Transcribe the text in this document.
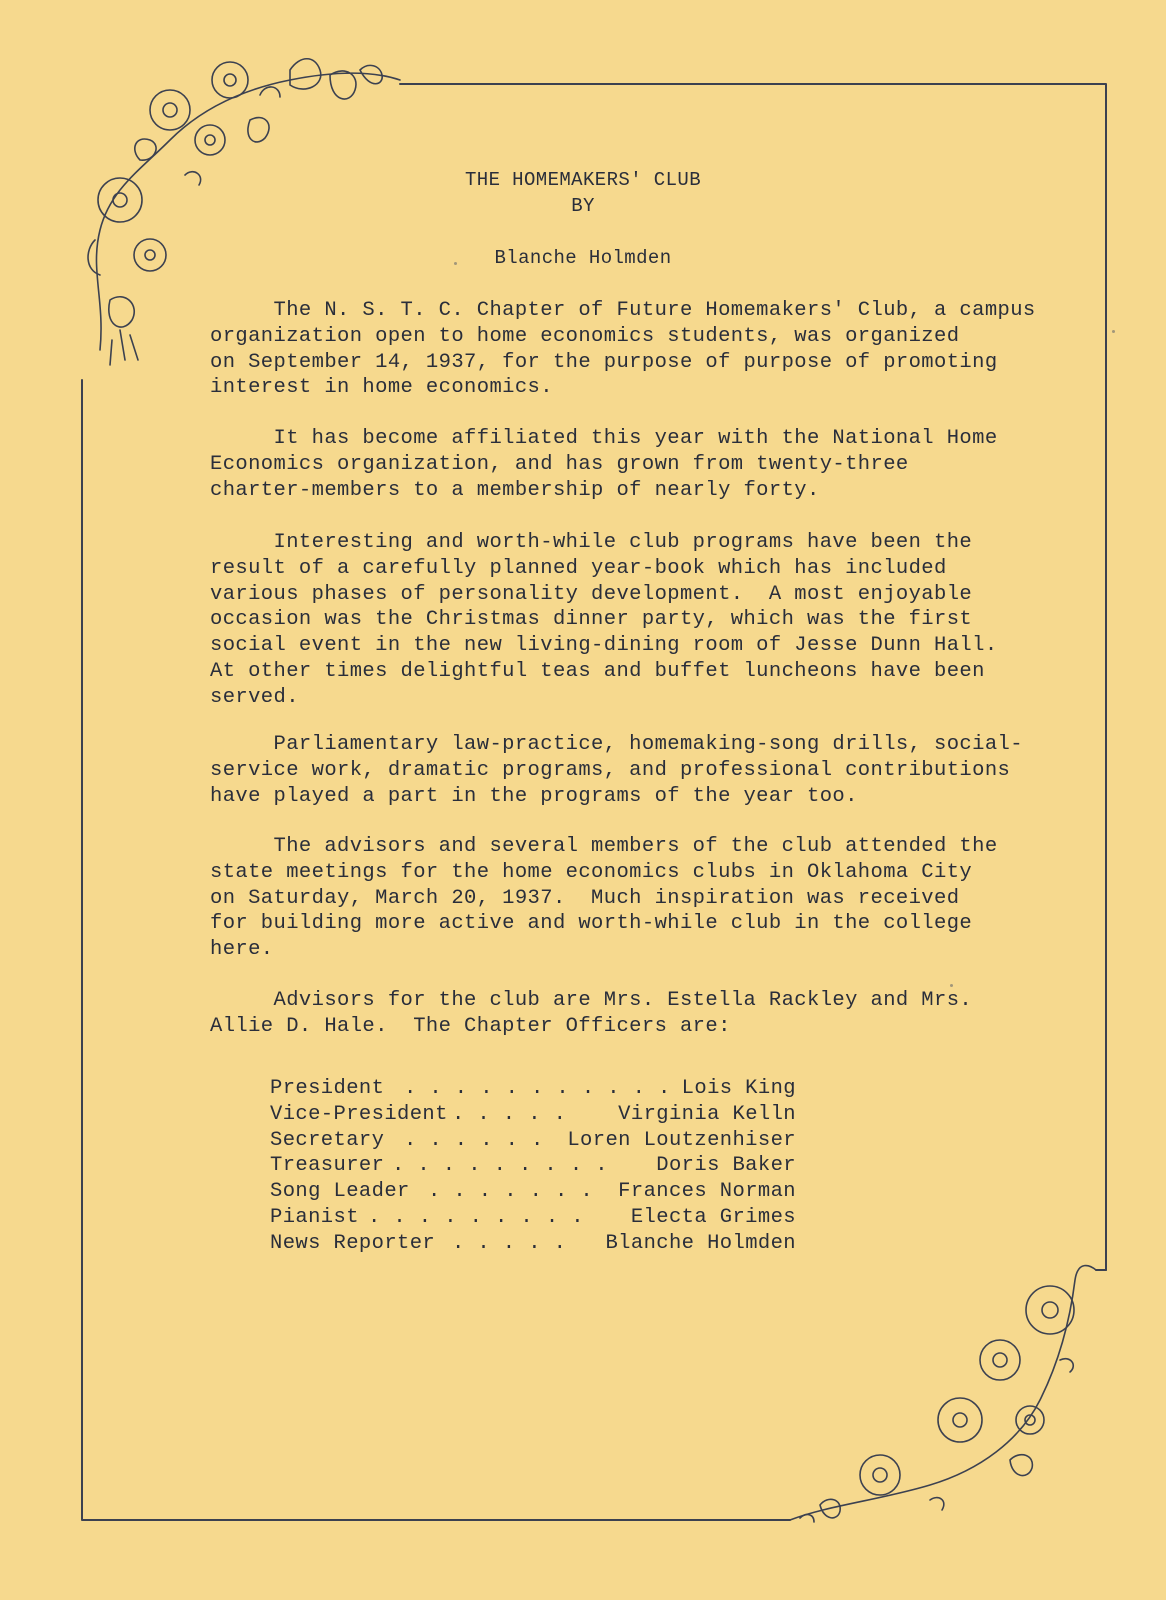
THE HOMEMAKERS' CLUB
BY
Blanche Holmden
The N. S. T. C. Chapter of Future Homemakers' Club, a campus
organization open to home economics students, was organized
on September 14, 1937, for the purpose of purpose of promoting
interest in home economics.
It has become affiliated this year with the National Home
Economics organization, and has grown from twenty-three
charter-members to a membership of nearly forty.
Interesting and worth-while club programs have been the
result of a carefully planned year-book which has included
various phases of personality development.  A most enjoyable
occasion was the Christmas dinner party, which was the first
social event in the new living-dining room of Jesse Dunn Hall.
At other times delightful teas and buffet luncheons have been
served.
Parliamentary law-practice, homemaking-song drills, social-
service work, dramatic programs, and professional contributions
have played a part in the programs of the year too.
The advisors and several members of the club attended the
state meetings for the home economics clubs in Oklahoma City
on Saturday, March 20, 1937.  Much inspiration was received
for building more active and worth-while club in the college
here.
Advisors for the club are Mrs. Estella Rackley and Mrs.
Allie D. Hale.  The Chapter Officers are:
President . . . . . . . . . . . Lois King
Vice-President . . . . .	Virginia Kelln
Secretary . . . . . . Loren Loutzenhiser
Treasurer . . . . . . . . . Doris Baker
Song Leader . . . . . . . Frances Norman
Pianist . . . . . . . . . Electa Grimes
News Reporter . . . . . Blanche Holmden
